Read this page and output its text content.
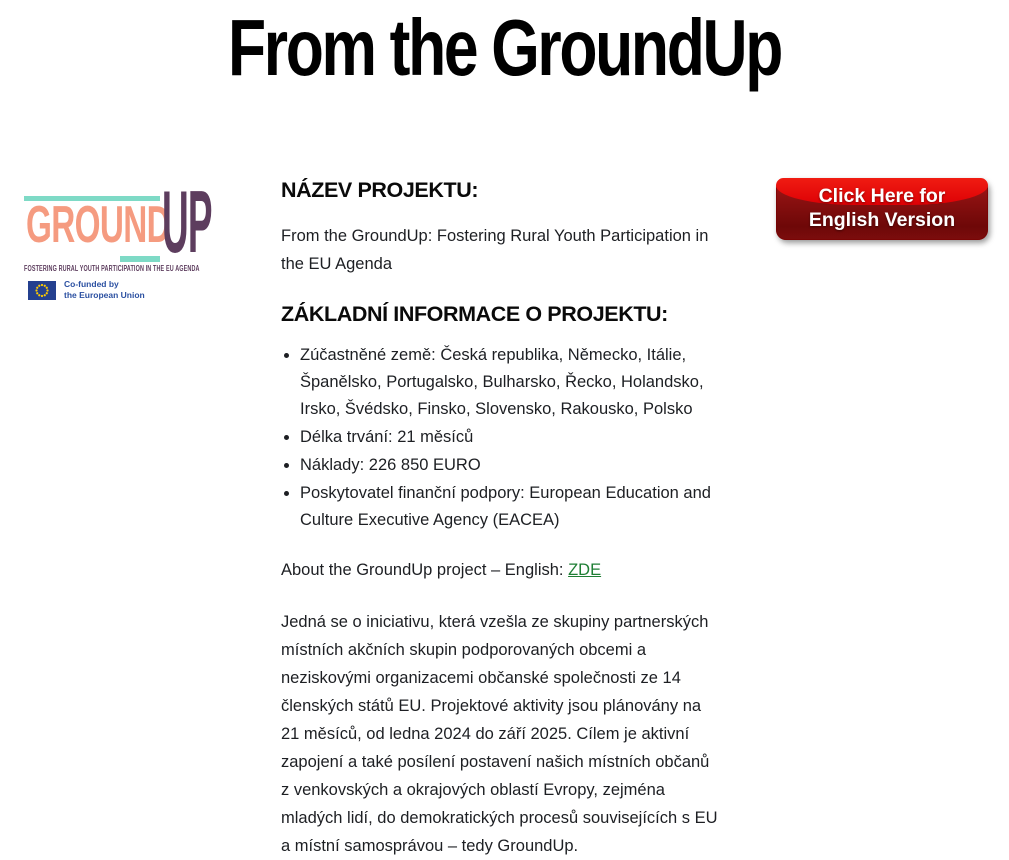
From the GroundUp
GROUND
UP
FOSTERING RURAL YOUTH PARTICIPATION IN THE EU AGENDA
Co-funded by
the European Union
NÁZEV PROJEKTU:

From the GroundUp: Fostering Rural Youth Participation in the EU Agenda

ZÁKLADNÍ INFORMACE O PROJEKTU:
• Zúčastněné země: Česká republika, Německo, Itálie, Španělsko, Portugalsko, Bulharsko, Řecko, Holandsko, Irsko, Švédsko, Finsko, Slovensko, Rakousko, Polsko
• Délka trvání: 21 měsíců
• Náklady: 226 850 EURO
• Poskytovatel finanční podpory: European Education and Culture Executive Agency (EACEA)

About the GroundUp project – English: ZDE

Jedná se o iniciativu, která vzešla ze skupiny partnerských místních akčních skupin podporovaných obcemi a neziskovými organizacemi občanské společnosti ze 14 členských států EU. Projektové aktivity jsou plánovány na 21 měsíců, od ledna 2024 do září 2025. Cílem je aktivní zapojení a také posílení postavení našich místních občanů z venkovských a okrajových oblastí Evropy, zejména mladých lidí, do demokratických procesů souvisejících s EU a místní samosprávou – tedy GroundUp.

Click Here for
English Version
